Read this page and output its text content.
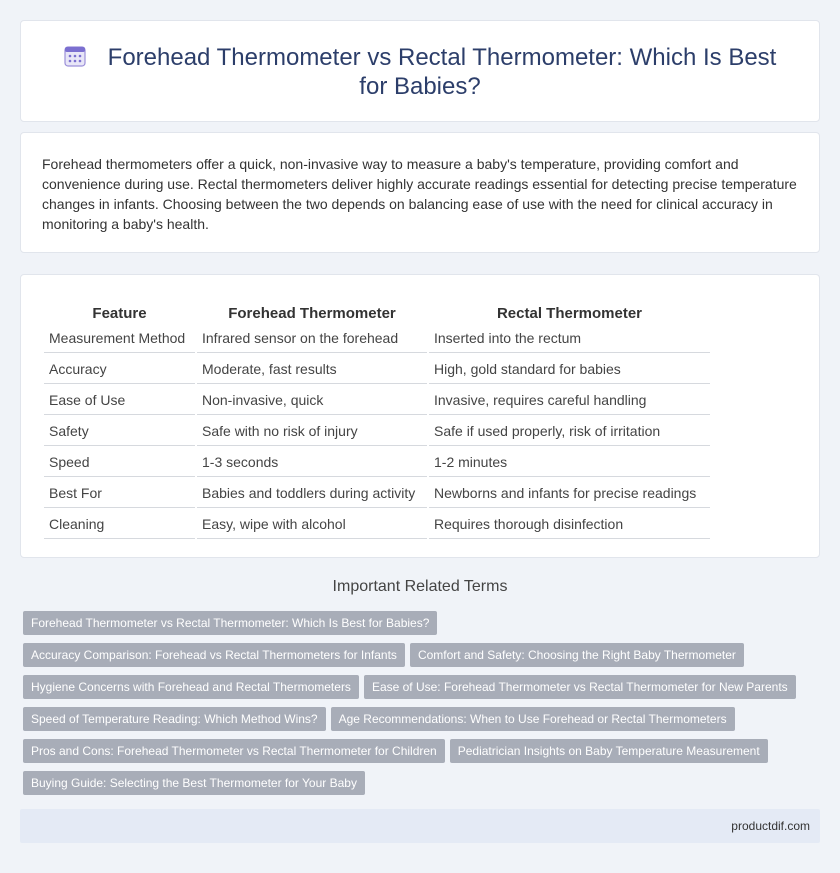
Forehead Thermometer vs Rectal Thermometer: Which Is Best for Babies?

Forehead thermometers offer a quick, non-invasive way to measure a baby's temperature, providing comfort and convenience during use. Rectal thermometers deliver highly accurate readings essential for detecting precise temperature changes in infants. Choosing between the two depends on balancing ease of use with the need for clinical accuracy in monitoring a baby's health.

Feature	Forehead Thermometer	Rectal Thermometer
Measurement Method	Infrared sensor on the forehead	Inserted into the rectum
Accuracy	Moderate, fast results	High, gold standard for babies
Ease of Use	Non-invasive, quick	Invasive, requires careful handling
Safety	Safe with no risk of injury	Safe if used properly, risk of irritation
Speed	1-3 seconds	1-2 minutes
Best For	Babies and toddlers during activity	Newborns and infants for precise readings
Cleaning	Easy, wipe with alcohol	Requires thorough disinfection
Important Related Terms
Forehead Thermometer vs Rectal Thermometer: Which Is Best for Babies?
Accuracy Comparison: Forehead vs Rectal Thermometers for Infants Comfort and Safety: Choosing the Right Baby Thermometer
Hygiene Concerns with Forehead and Rectal Thermometers Ease of Use: Forehead Thermometer vs Rectal Thermometer for New Parents
Speed of Temperature Reading: Which Method Wins? Age Recommendations: When to Use Forehead or Rectal Thermometers
Pros and Cons: Forehead Thermometer vs Rectal Thermometer for Children Pediatrician Insights on Baby Temperature Measurement
Buying Guide: Selecting the Best Thermometer for Your Baby
productdif.com
